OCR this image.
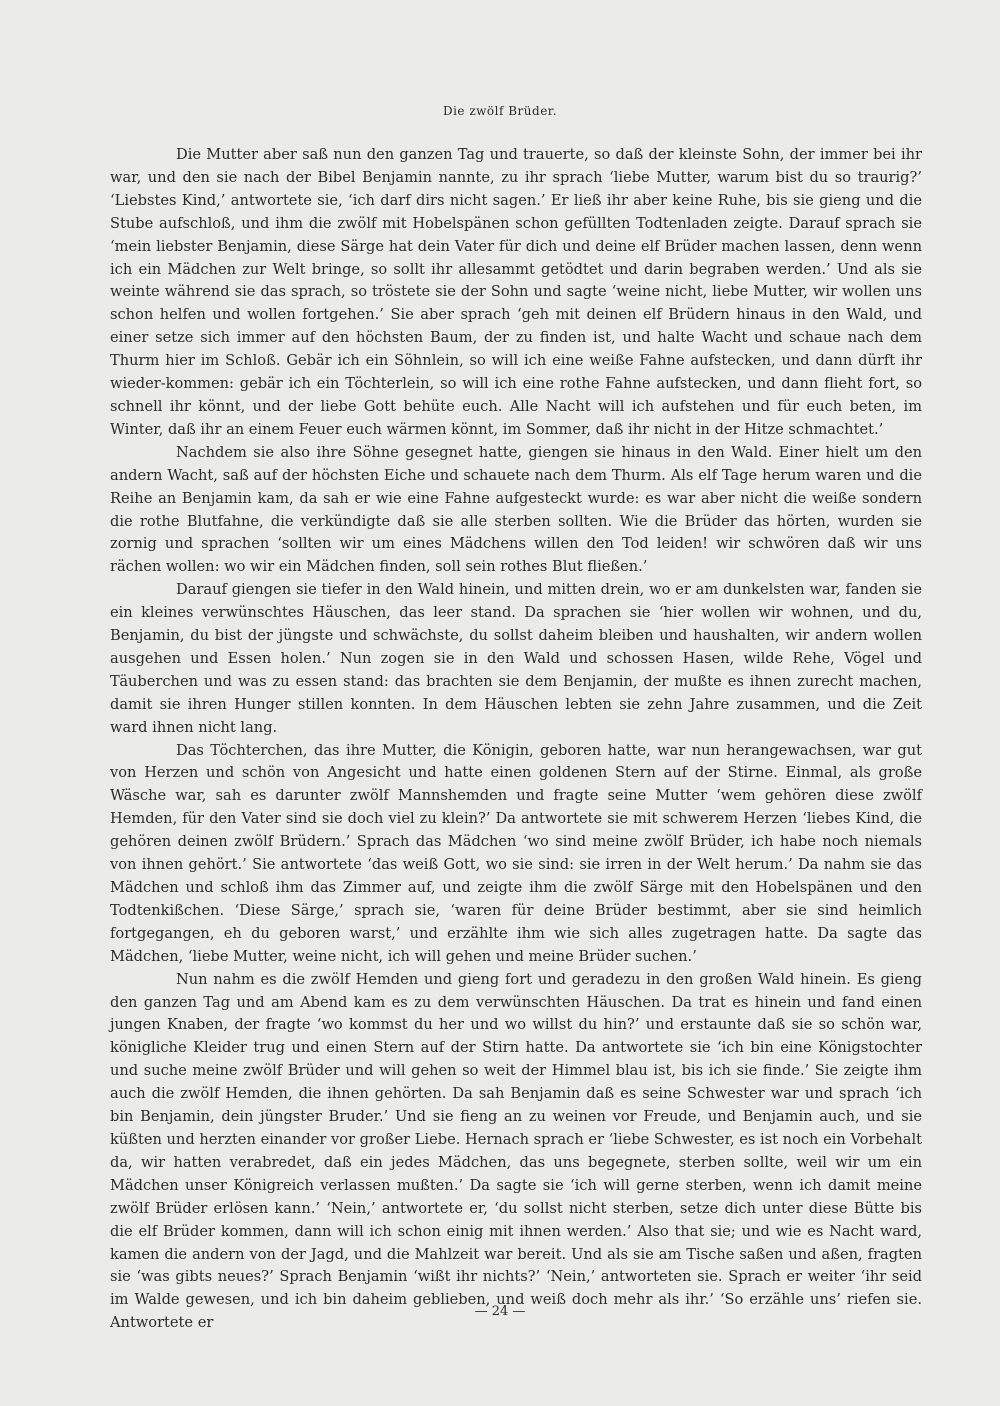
Die zwölf Brüder.

Die Mutter aber saß nun den ganzen Tag und trauerte, so daß der kleinste Sohn, der immer bei ihr war, und den sie nach der Bibel Benjamin nannte, zu ihr sprach ‘liebe Mutter, warum bist du so traurig?’ ‘Liebstes Kind,’ antwortete sie, ‘ich darf dirs nicht sagen.’ Er ließ ihr aber keine Ruhe, bis sie gieng und die Stube aufschloß, und ihm die zwölf mit Hobelspänen schon gefüllten Todtenladen zeigte. Darauf sprach sie ‘mein liebster Benjamin, diese Särge hat dein Vater für dich und deine elf Brüder machen lassen, denn wenn ich ein Mädchen zur Welt bringe, so sollt ihr allesammt getödtet und darin begraben werden.’ Und als sie weinte während sie das sprach, so tröstete sie der Sohn und sagte ‘weine nicht, liebe Mutter, wir wollen uns schon helfen und wollen fortgehen.’ Sie aber sprach ‘geh mit deinen elf Brüdern hinaus in den Wald, und einer setze sich immer auf den höchsten Baum, der zu finden ist, und halte Wacht und schaue nach dem Thurm hier im Schloß. Gebär ich ein Söhnlein, so will ich eine weiße Fahne aufstecken, und dann dürft ihr wieder-kommen: gebär ich ein Töchterlein, so will ich eine rothe Fahne aufstecken, und dann flieht fort, so schnell ihr könnt, und der liebe Gott behüte euch. Alle Nacht will ich aufstehen und für euch beten, im Winter, daß ihr an einem Feuer euch wärmen könnt, im Sommer, daß ihr nicht in der Hitze schmachtet.’

Nachdem sie also ihre Söhne gesegnet hatte, giengen sie hinaus in den Wald. Einer hielt um den andern Wacht, saß auf der höchsten Eiche und schauete nach dem Thurm. Als elf Tage herum waren und die Reihe an Benjamin kam, da sah er wie eine Fahne aufgesteckt wurde: es war aber nicht die weiße sondern die rothe Blutfahne, die verkündigte daß sie alle sterben sollten. Wie die Brüder das hörten, wurden sie zornig und sprachen ‘sollten wir um eines Mädchens willen den Tod leiden! wir schwören daß wir uns rächen wollen: wo wir ein Mädchen finden, soll sein rothes Blut fließen.’

Darauf giengen sie tiefer in den Wald hinein, und mitten drein, wo er am dunkelsten war, fanden sie ein kleines verwünschtes Häuschen, das leer stand. Da sprachen sie ‘hier wollen wir wohnen, und du, Benjamin, du bist der jüngste und schwächste, du sollst daheim bleiben und haushalten, wir andern wollen ausgehen und Essen holen.’ Nun zogen sie in den Wald und schossen Hasen, wilde Rehe, Vögel und Täuberchen und was zu essen stand: das brachten sie dem Benjamin, der mußte es ihnen zurecht machen, damit sie ihren Hunger stillen konnten. In dem Häuschen lebten sie zehn Jahre zusammen, und die Zeit ward ihnen nicht lang.

Das Töchterchen, das ihre Mutter, die Königin, geboren hatte, war nun herangewachsen, war gut von Herzen und schön von Angesicht und hatte einen goldenen Stern auf der Stirne. Einmal, als große Wäsche war, sah es darunter zwölf Mannshemden und fragte seine Mutter ‘wem gehören diese zwölf Hemden, für den Vater sind sie doch viel zu klein?’ Da antwortete sie mit schwerem Herzen ‘liebes Kind, die gehören deinen zwölf Brüdern.’ Sprach das Mädchen ‘wo sind meine zwölf Brüder, ich habe noch niemals von ihnen gehört.’ Sie antwortete ‘das weiß Gott, wo sie sind: sie irren in der Welt herum.’ Da nahm sie das Mädchen und schloß ihm das Zimmer auf, und zeigte ihm die zwölf Särge mit den Hobelspänen und den Todtenkißchen. ‘Diese Särge,’ sprach sie, ‘waren für deine Brüder bestimmt, aber sie sind heimlich fortgegangen, eh du geboren warst,’ und erzählte ihm wie sich alles zugetragen hatte. Da sagte das Mädchen, ‘liebe Mutter, weine nicht, ich will gehen und meine Brüder suchen.’

Nun nahm es die zwölf Hemden und gieng fort und geradezu in den großen Wald hinein. Es gieng den ganzen Tag und am Abend kam es zu dem verwünschten Häuschen. Da trat es hinein und fand einen jungen Knaben, der fragte ‘wo kommst du her und wo willst du hin?’ und erstaunte daß sie so schön war, königliche Kleider trug und einen Stern auf der Stirn hatte. Da antwortete sie ‘ich bin eine Königstochter und suche meine zwölf Brüder und will gehen so weit der Himmel blau ist, bis ich sie finde.’ Sie zeigte ihm auch die zwölf Hemden, die ihnen gehörten. Da sah Benjamin daß es seine Schwester war und sprach ‘ich bin Benjamin, dein jüngster Bruder.’ Und sie fieng an zu weinen vor Freude, und Benjamin auch, und sie küßten und herzten einander vor großer Liebe. Hernach sprach er ‘liebe Schwester, es ist noch ein Vorbehalt da, wir hatten verabredet, daß ein jedes Mädchen, das uns begegnete, sterben sollte, weil wir um ein Mädchen unser Königreich verlassen mußten.’ Da sagte sie ‘ich will gerne sterben, wenn ich damit meine zwölf Brüder erlösen kann.’ ‘Nein,’ antwortete er, ‘du sollst nicht sterben, setze dich unter diese Bütte bis die elf Brüder kommen, dann will ich schon einig mit ihnen werden.’ Also that sie; und wie es Nacht ward, kamen die andern von der Jagd, und die Mahlzeit war bereit. Und als sie am Tische saßen und aßen, fragten sie ‘was gibts neues?’ Sprach Benjamin ‘wißt ihr nichts?’ ‘Nein,’ antworteten sie. Sprach er weiter ‘ihr seid im Walde gewesen, und ich bin daheim geblieben, und weiß doch mehr als ihr.’ ‘So erzähle uns’ riefen sie. Antwortete er

— 24 —
